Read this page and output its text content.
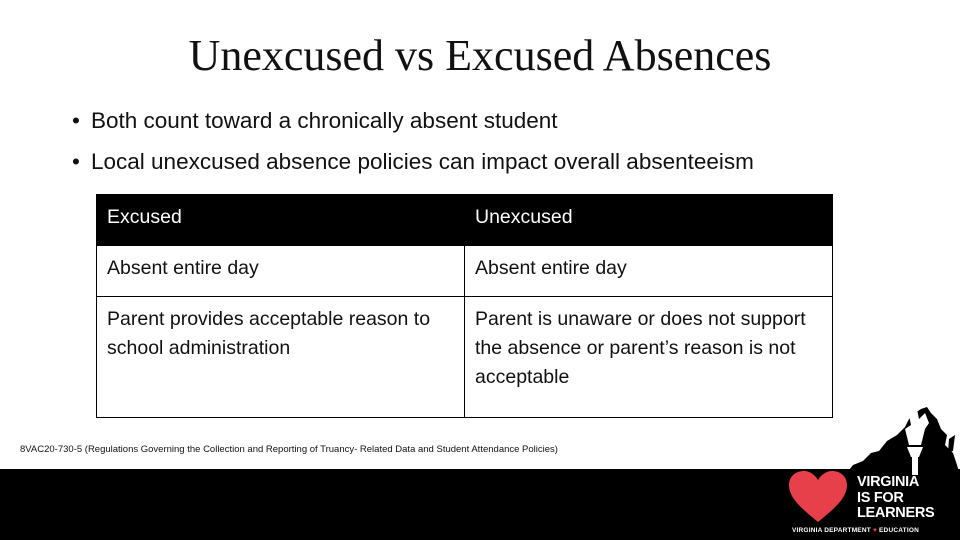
Unexcused vs Excused Absences
• Both count toward a chronically absent student
• Local unexcused absence policies can impact overall absenteeism
Excused	Unexcused
Absent entire day	Absent entire day
Parent provides acceptable reason to school administration	Parent is unaware or does not support the absence or parent’s reason is not acceptable
8VAC20-730-5 (Regulations Governing the Collection and Reporting of Truancy- Related Data and Student Attendance Policies)
VIRGINIA
IS FOR
LEARNERS
VIRGINIA DEPARTMENT ♥ EDUCATION
